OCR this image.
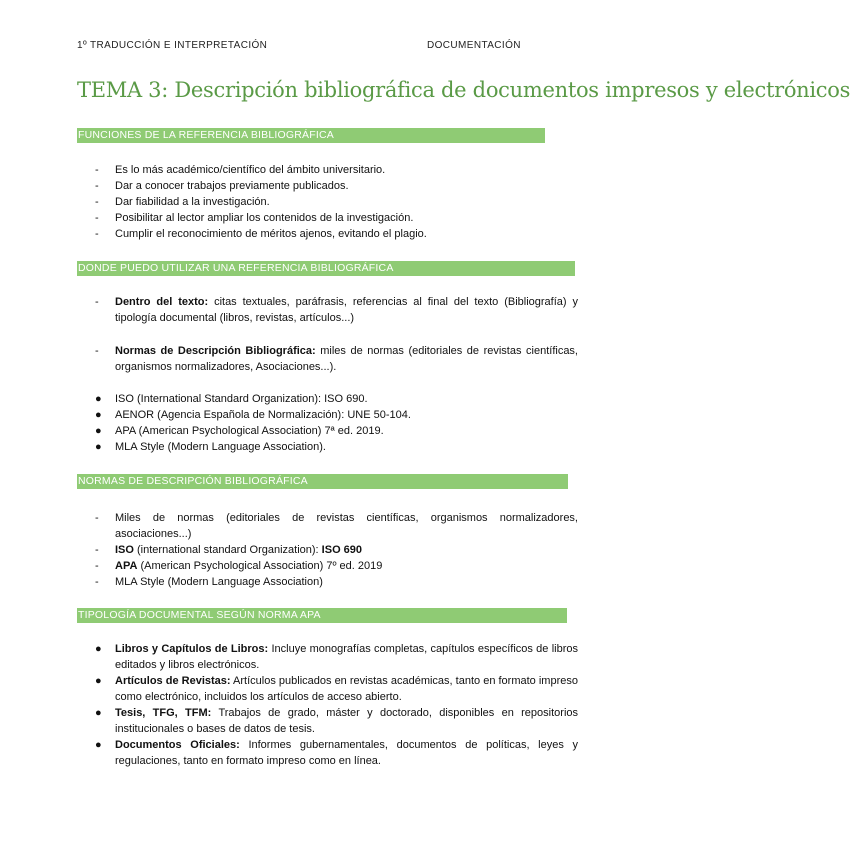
1º TRADUCCIÓN E INTERPRETACIÓN	DOCUMENTACIÓN
TEMA 3: Descripción bibliográfica de documentos impresos y electrónicos
FUNCIONES DE LA REFERENCIA BIBLIOGRÁFICA
- Es lo más académico/científico del ámbito universitario.
- Dar a conocer trabajos previamente publicados.
- Dar fiabilidad a la investigación.
- Posibilitar al lector ampliar los contenidos de la investigación.
- Cumplir el reconocimiento de méritos ajenos, evitando el plagio.
DONDE PUEDO UTILIZAR UNA REFERENCIA BIBLIOGRÁFICA
- Dentro del texto: citas textuales, paráfrasis, referencias al final del texto (Bibliografía) y tipología documental (libros, revistas, artículos...)
- Normas de Descripción Bibliográfica: miles de normas (editoriales de revistas científicas, organismos normalizadores, Asociaciones...).
● ISO (International Standard Organization): ISO 690.
● AENOR (Agencia Española de Normalización): UNE 50-104.
● APA (American Psychological Association) 7ª ed. 2019.
● MLA Style (Modern Language Association).
NORMAS DE DESCRIPCIÓN BIBLIOGRÁFICA
- Miles de normas (editoriales de revistas científicas, organismos normalizadores, asociaciones...)
- ISO (international standard Organization): ISO 690
- APA (American Psychological Association) 7º ed. 2019
- MLA Style (Modern Language Association)
TIPOLOGÍA DOCUMENTAL SEGÚN NORMA APA
● Libros y Capítulos de Libros: Incluye monografías completas, capítulos específicos de libros editados y libros electrónicos.
● Artículos de Revistas: Artículos publicados en revistas académicas, tanto en formato impreso como electrónico, incluidos los artículos de acceso abierto.
● Tesis, TFG, TFM: Trabajos de grado, máster y doctorado, disponibles en repositorios institucionales o bases de datos de tesis.
● Documentos Oficiales: Informes gubernamentales, documentos de políticas, leyes y regulaciones, tanto en formato impreso como en línea.
